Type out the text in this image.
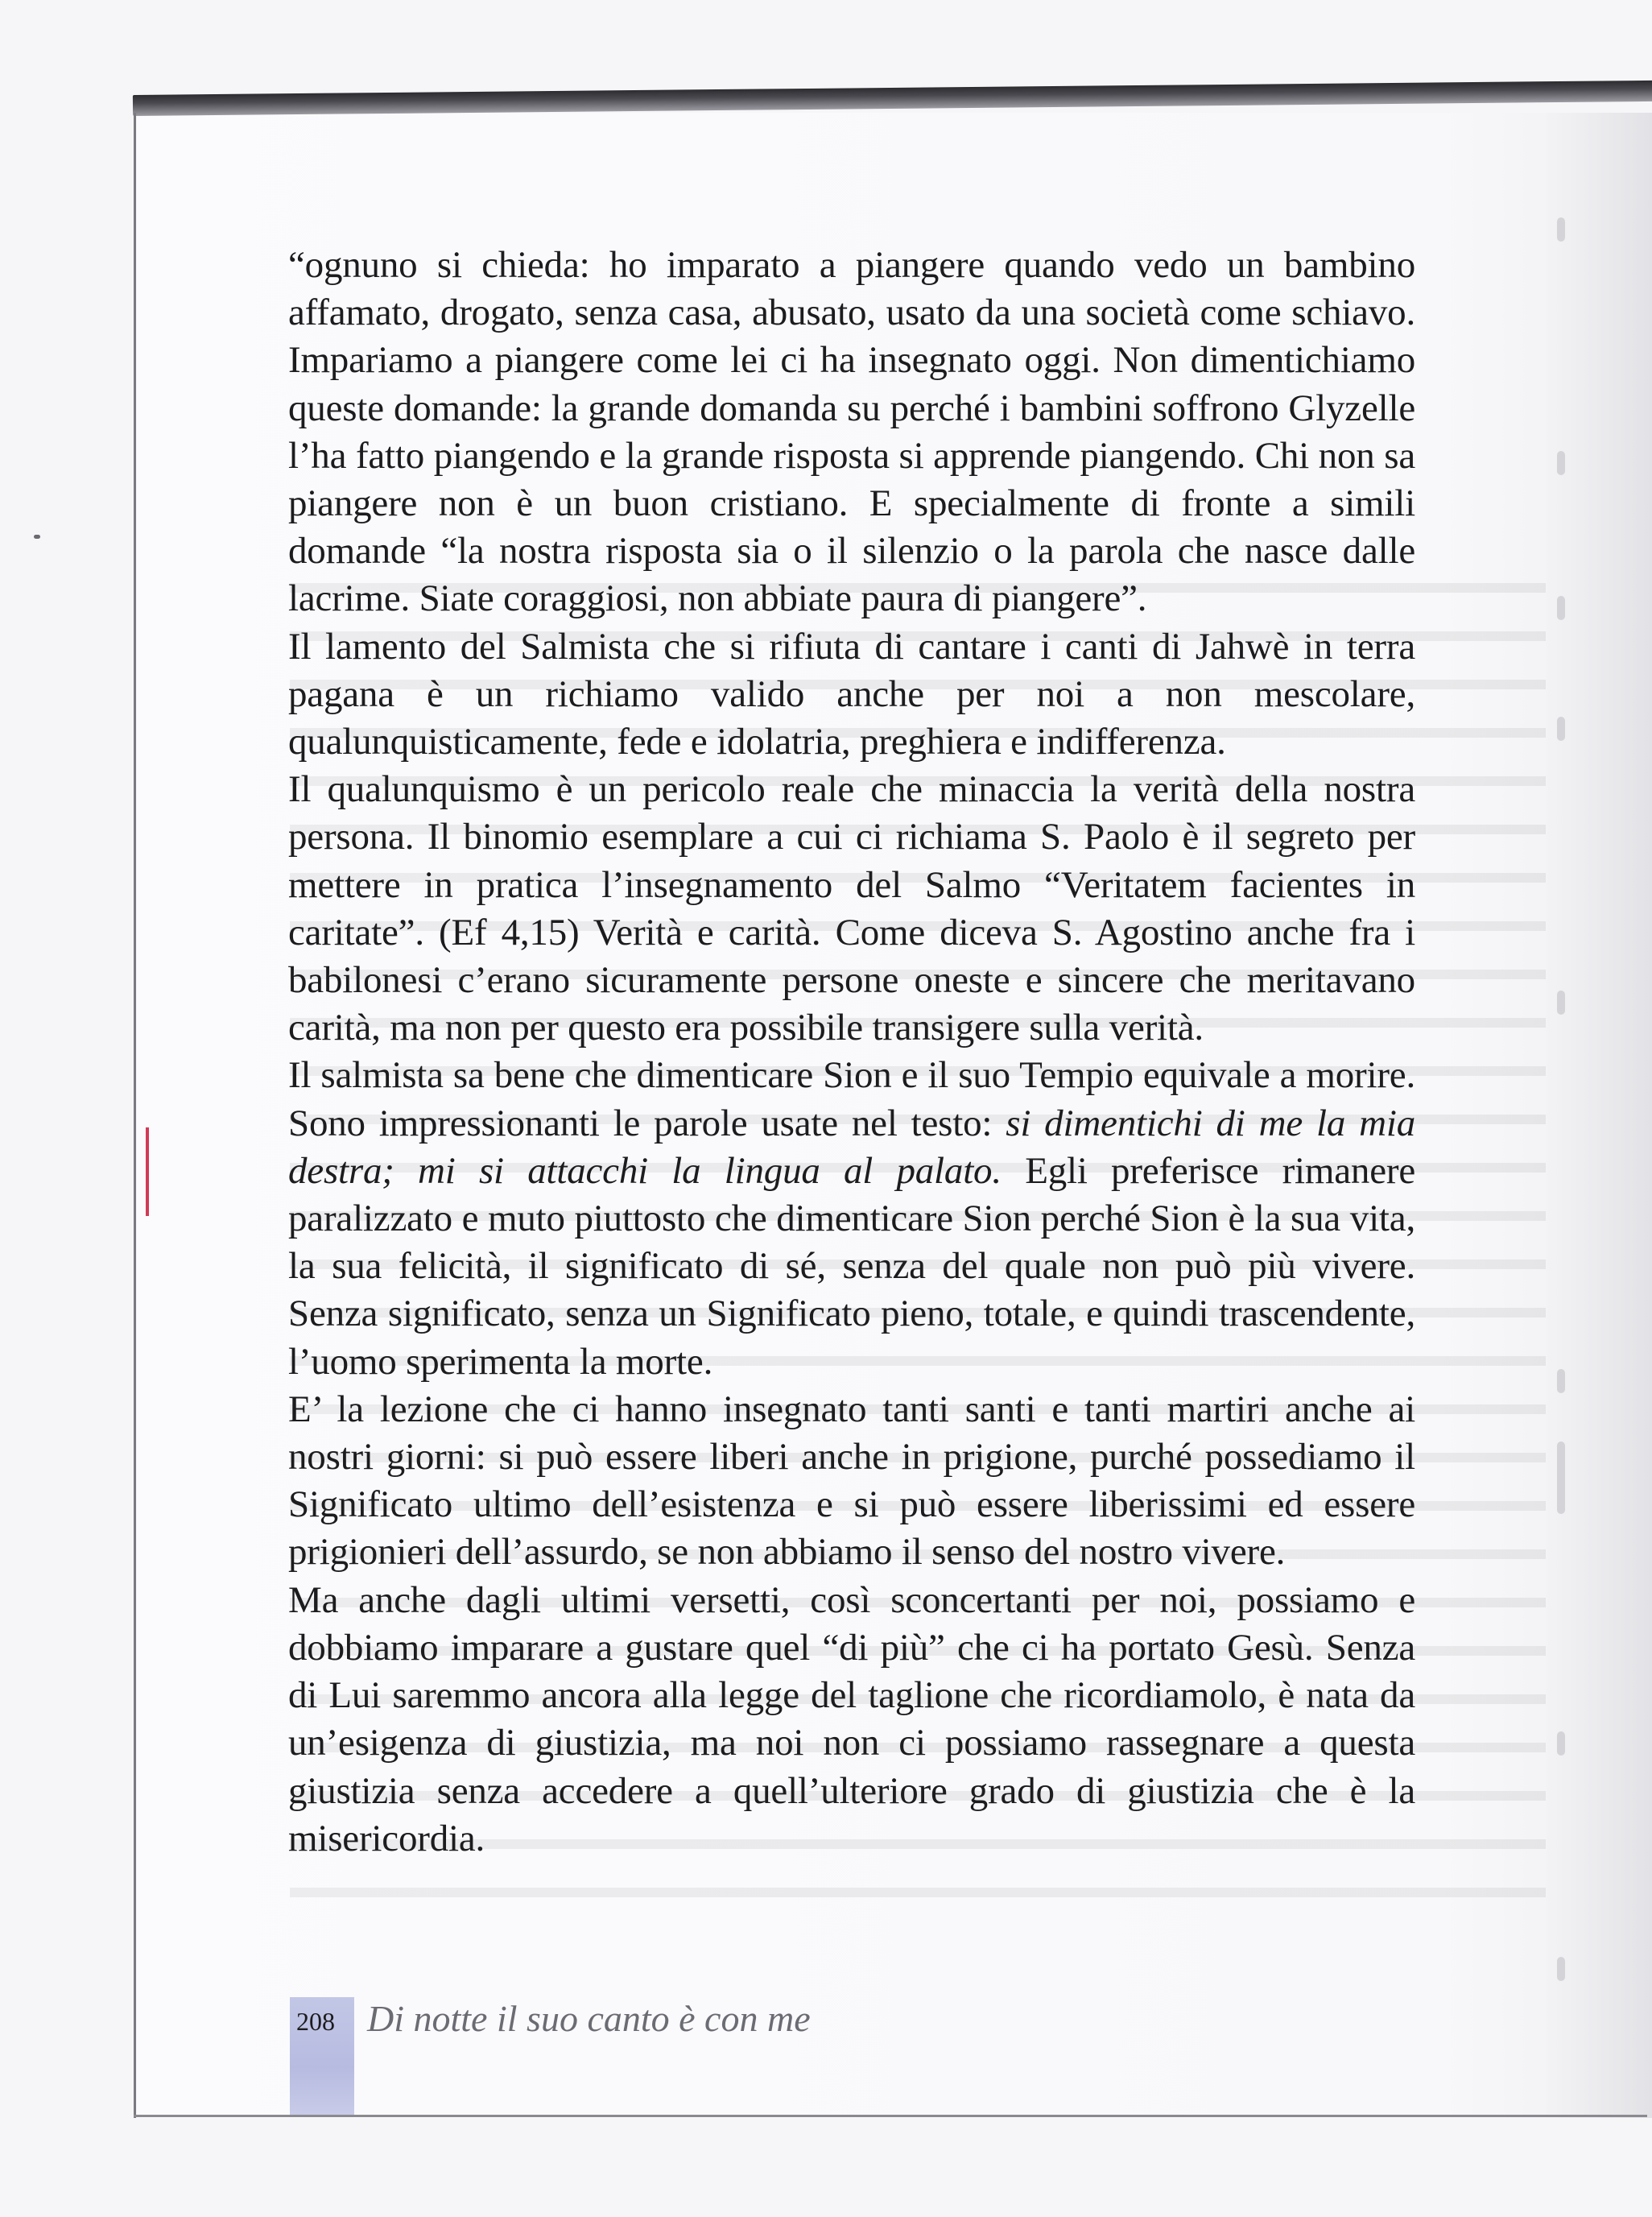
“ognuno si chieda: ho imparato a piangere quando vedo un bambino affamato, drogato, senza casa, abusato, usato da una società come schiavo. Impariamo a piangere come lei ci ha insegnato oggi. Non dimentichiamo queste domande: la grande domanda su perché i bambini soffrono Glyzelle l’ha fatto piangendo e la grande risposta si apprende piangendo. Chi non sa piangere non è un buon cristiano. E specialmente di fronte a simili domande “la nostra risposta sia o il silenzio o la parola che nasce dalle lacrime. Siate coraggiosi, non abbiate paura di piangere”.

Il lamento del Salmista che si rifiuta di cantare i canti di Jahwè in terra pagana è un richiamo valido anche per noi a non mescolare, qualunquisticamente, fede e idolatria, preghiera e indifferenza.

Il qualunquismo è un pericolo reale che minaccia la verità della nostra persona. Il binomio esemplare a cui ci richiama S. Paolo è il segreto per mettere in pratica l’insegnamento del Salmo “Veritatem facientes in caritate”. (Ef 4,15) Verità e carità. Come diceva S. Agostino anche fra i babilonesi c’erano sicuramente persone oneste e sincere che meritavano carità, ma non per questo era possibile transigere sulla verità.

Il salmista sa bene che dimenticare Sion e il suo Tempio equivale a morire. Sono impressionanti le parole usate nel testo: si dimentichi di me la mia destra; mi si attacchi la lingua al palato. Egli preferisce rimanere paralizzato e muto piuttosto che dimenticare Sion perché Sion è la sua vita, la sua felicità, il significato di sé, senza del quale non può più vivere. Senza significato, senza un Significato pieno, totale, e quindi trascendente, l’uomo sperimenta la morte.

E’ la lezione che ci hanno insegnato tanti santi e tanti martiri anche ai nostri giorni: si può essere liberi anche in prigione, purché possediamo il Significato ultimo dell’esistenza e si può essere liberissimi ed essere prigionieri dell’assurdo, se non abbiamo il senso del nostro vivere.

Ma anche dagli ultimi versetti, così sconcertanti per noi, possiamo e dobbiamo imparare a gustare quel “di più” che ci ha portato Gesù. Senza di Lui saremmo ancora alla legge del taglione che ricordiamolo, è nata da un’esigenza di giustizia, ma noi non ci possiamo rassegnare a questa giustizia senza accedere a quell’ulteriore grado di giustizia che è la misericordia.

208 Di notte il suo canto è con me
